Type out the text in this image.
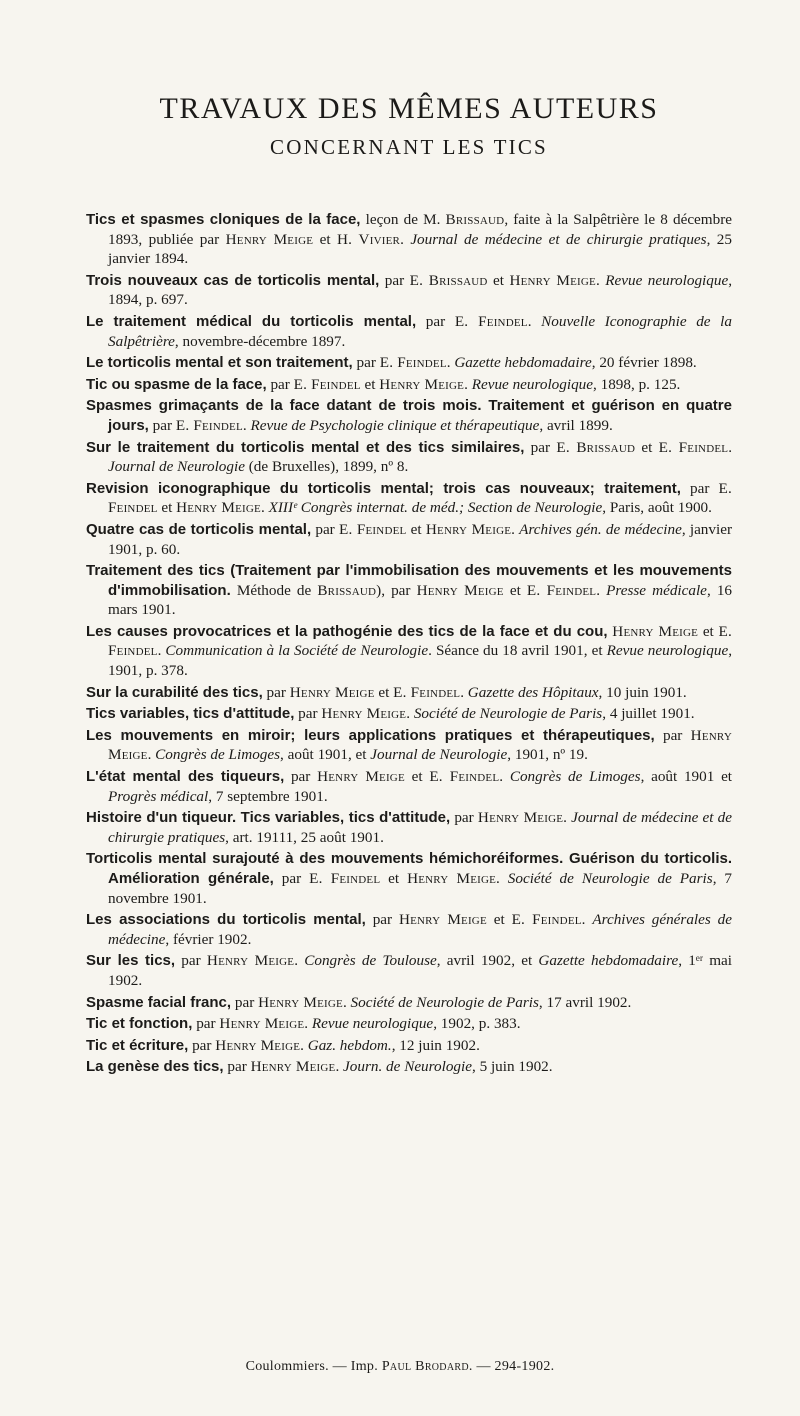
TRAVAUX DES MÊMES AUTEURS
CONCERNANT LES TICS
Tics et spasmes cloniques de la face, leçon de M. Brissaud, faite à la Salpêtrière le 8 décembre 1893, publiée par Henry Meige et H. Vivier. Journal de médecine et de chirurgie pratiques, 25 janvier 1894.
Trois nouveaux cas de torticolis mental, par E. Brissaud et Henry Meige. Revue neurologique, 1894, p. 697.
Le traitement médical du torticolis mental, par E. Feindel. Nouvelle Iconographie de la Salpêtrière, novembre-décembre 1897.
Le torticolis mental et son traitement, par E. Feindel. Gazette hebdomadaire, 20 février 1898.
Tic ou spasme de la face, par E. Feindel et Henry Meige. Revue neurologique, 1898, p. 125.
Spasmes grimaçants de la face datant de trois mois. Traitement et guérison en quatre jours, par E. Feindel. Revue de Psychologie clinique et thérapeutique, avril 1899.
Sur le traitement du torticolis mental et des tics similaires, par E. Brissaud et E. Feindel. Journal de Neurologie (de Bruxelles), 1899, nº 8.
Revision iconographique du torticolis mental; trois cas nouveaux; traitement, par E. Feindel et Henry Meige. XIIIᵉ Congrès internat. de méd.; Section de Neurologie, Paris, août 1900.
Quatre cas de torticolis mental, par E. Feindel et Henry Meige. Archives gén. de médecine, janvier 1901, p. 60.
Traitement des tics (Traitement par l'immobilisation des mouvements et les mouvements d'immobilisation. Méthode de Brissaud), par Henry Meige et E. Feindel. Presse médicale, 16 mars 1901.
Les causes provocatrices et la pathogénie des tics de la face et du cou, Henry Meige et E. Feindel. Communication à la Société de Neurologie. Séance du 18 avril 1901, et Revue neurologique, 1901, p. 378.
Sur la curabilité des tics, par Henry Meige et E. Feindel. Gazette des Hôpitaux, 10 juin 1901.
Tics variables, tics d'attitude, par Henry Meige. Société de Neurologie de Paris, 4 juillet 1901.
Les mouvements en miroir; leurs applications pratiques et thérapeutiques, par Henry Meige. Congrès de Limoges, août 1901, et Journal de Neurologie, 1901, nº 19.
L'état mental des tiqueurs, par Henry Meige et E. Feindel. Congrès de Limoges, août 1901 et Progrès médical, 7 septembre 1901.
Histoire d'un tiqueur. Tics variables, tics d'attitude, par Henry Meige. Journal de médecine et de chirurgie pratiques, art. 19111, 25 août 1901.
Torticolis mental surajouté à des mouvements hémichoréiformes. Guérison du torticolis. Amélioration générale, par E. Feindel et Henry Meige. Société de Neurologie de Paris, 7 novembre 1901.
Les associations du torticolis mental, par Henry Meige et E. Feindel. Archives générales de médecine, février 1902.
Sur les tics, par Henry Meige. Congrès de Toulouse, avril 1902, et Gazette hebdomadaire, 1ᵉʳ mai 1902.
Spasme facial franc, par Henry Meige. Société de Neurologie de Paris, 17 avril 1902.
Tic et fonction, par Henry Meige. Revue neurologique, 1902, p. 383.
Tic et écriture, par Henry Meige. Gaz. hebdom., 12 juin 1902.
La genèse des tics, par Henry Meige. Journ. de Neurologie, 5 juin 1902.
Coulommiers. — Imp. Paul Brodard. — 294-1902.
